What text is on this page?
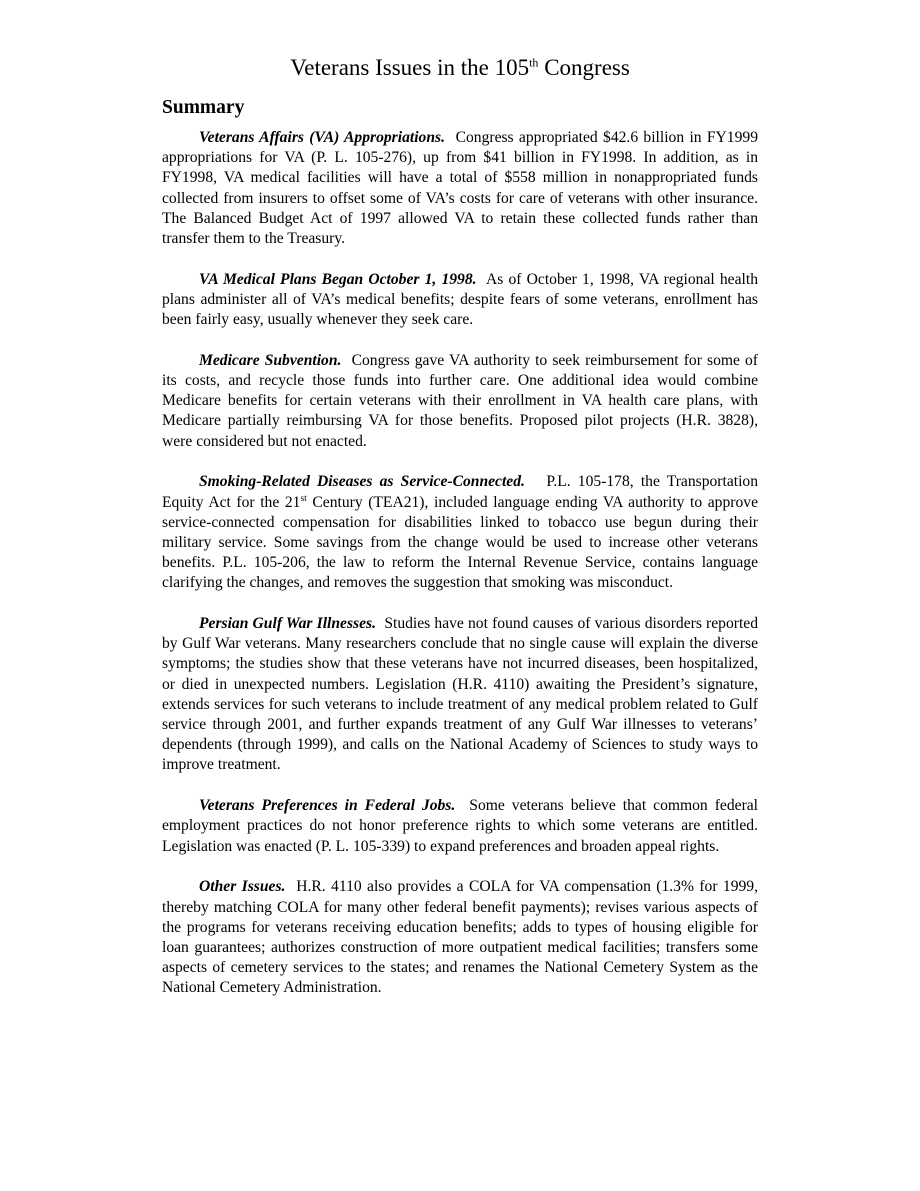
Veterans Issues in the 105th Congress
Summary

Veterans Affairs (VA) Appropriations. Congress appropriated $42.6 billion in FY1999 appropriations for VA (P. L. 105-276), up from $41 billion in FY1998. In addition, as in FY1998, VA medical facilities will have a total of $558 million in nonappropriated funds collected from insurers to offset some of VA’s costs for care of veterans with other insurance. The Balanced Budget Act of 1997 allowed VA to retain these collected funds rather than transfer them to the Treasury.

VA Medical Plans Began October 1, 1998. As of October 1, 1998, VA regional health plans administer all of VA’s medical benefits; despite fears of some veterans, enrollment has been fairly easy, usually whenever they seek care.

Medicare Subvention. Congress gave VA authority to seek reimbursement for some of its costs, and recycle those funds into further care. One additional idea would combine Medicare benefits for certain veterans with their enrollment in VA health care plans, with Medicare partially reimbursing VA for those benefits. Proposed pilot projects (H.R. 3828), were considered but not enacted.

Smoking-Related Diseases as Service-Connected. P.L. 105-178, the Transportation Equity Act for the 21st Century (TEA21), included language ending VA authority to approve service-connected compensation for disabilities linked to tobacco use begun during their military service. Some savings from the change would be used to increase other veterans benefits. P.L. 105-206, the law to reform the Internal Revenue Service, contains language clarifying the changes, and removes the suggestion that smoking was misconduct.

Persian Gulf War Illnesses. Studies have not found causes of various disorders reported by Gulf War veterans. Many researchers conclude that no single cause will explain the diverse symptoms; the studies show that these veterans have not incurred diseases, been hospitalized, or died in unexpected numbers. Legislation (H.R. 4110) awaiting the President’s signature, extends services for such veterans to include treatment of any medical problem related to Gulf service through 2001, and further expands treatment of any Gulf War illnesses to veterans’ dependents (through 1999), and calls on the National Academy of Sciences to study ways to improve treatment.

Veterans Preferences in Federal Jobs. Some veterans believe that common federal employment practices do not honor preference rights to which some veterans are entitled. Legislation was enacted (P. L. 105-339) to expand preferences and broaden appeal rights.

Other Issues. H.R. 4110 also provides a COLA for VA compensation (1.3% for 1999, thereby matching COLA for many other federal benefit payments); revises various aspects of the programs for veterans receiving education benefits; adds to types of housing eligible for loan guarantees; authorizes construction of more outpatient medical facilities; transfers some aspects of cemetery services to the states; and renames the National Cemetery System as the National Cemetery Administration.
